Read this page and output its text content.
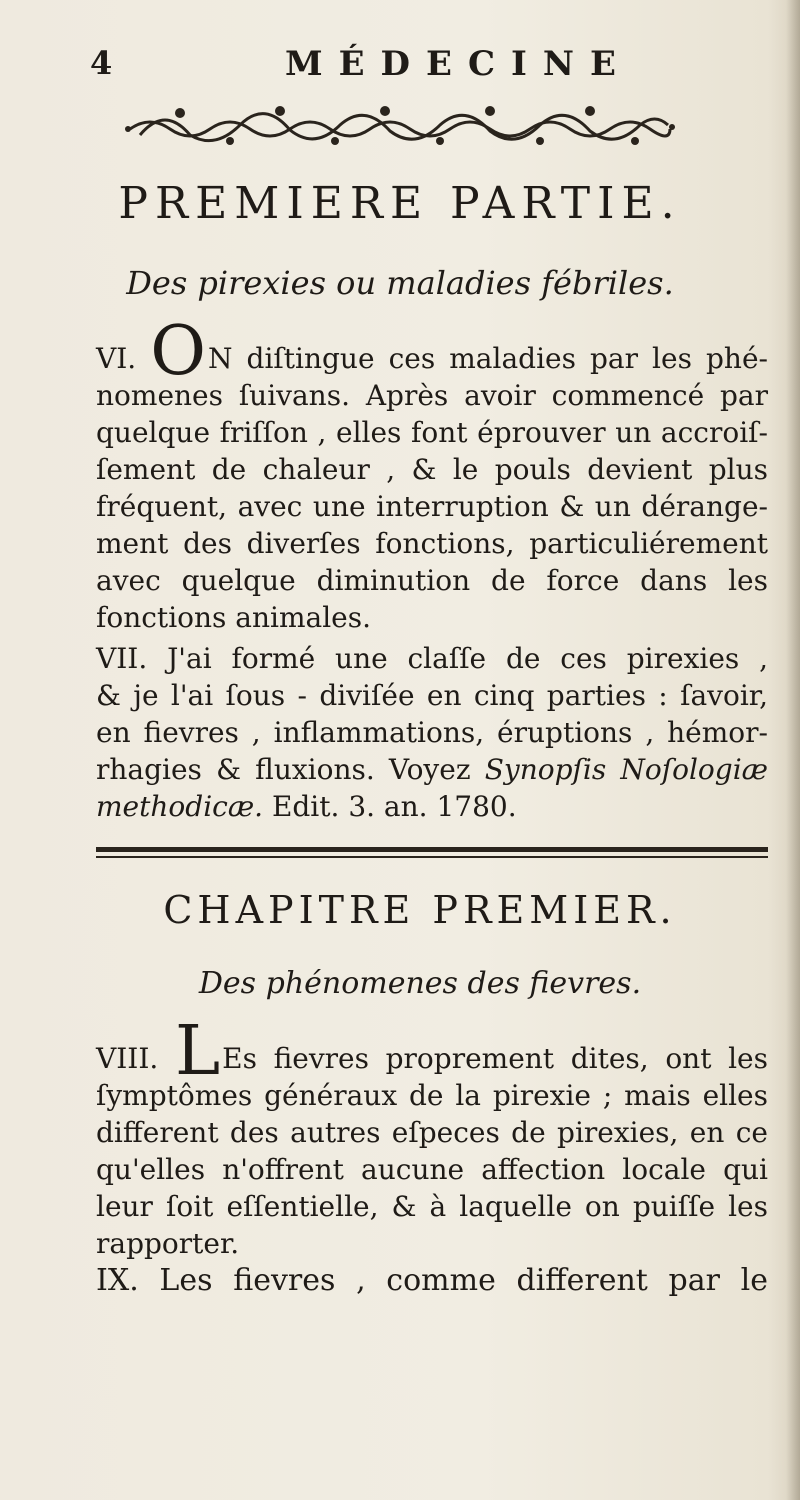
4	MÉDECINE
PREMIERE PARTIE.
Des pirexies ou maladies fébriles.
VI. ON diſtingue ces maladies par les phé-
nomenes ſuivans. Après avoir commencé par
quelque friſſon , elles font éprouver un accroiſ-
ſement de chaleur , & le pouls devient plus
fréquent, avec une interruption & un dérange-
ment des diverſes fonctions, particuliérement
avec quelque diminution de force dans les
fonctions animales.
VII. J'ai formé une claſſe de ces pirexies ,
& je l'ai ſous - diviſée en cinq parties : ſavoir,
en fievres , inflammations, éruptions , hémor-
rhagies & fluxions. Voyez Synopſis Noſologiæ
methodicæ. Edit. 3. an. 1780.
CHAPITRE PREMIER.
Des phénomenes des fievres.
VIII. LEs fievres proprement dites, ont les
ſymptômes généraux de la pirexie ; mais elles
different des autres eſpeces de pirexies, en ce
qu'elles n'offrent aucune affection locale qui
leur ſoit eſſentielle, & à laquelle on puiſſe les
rapporter.
IX. Les fievres , comme different par le
